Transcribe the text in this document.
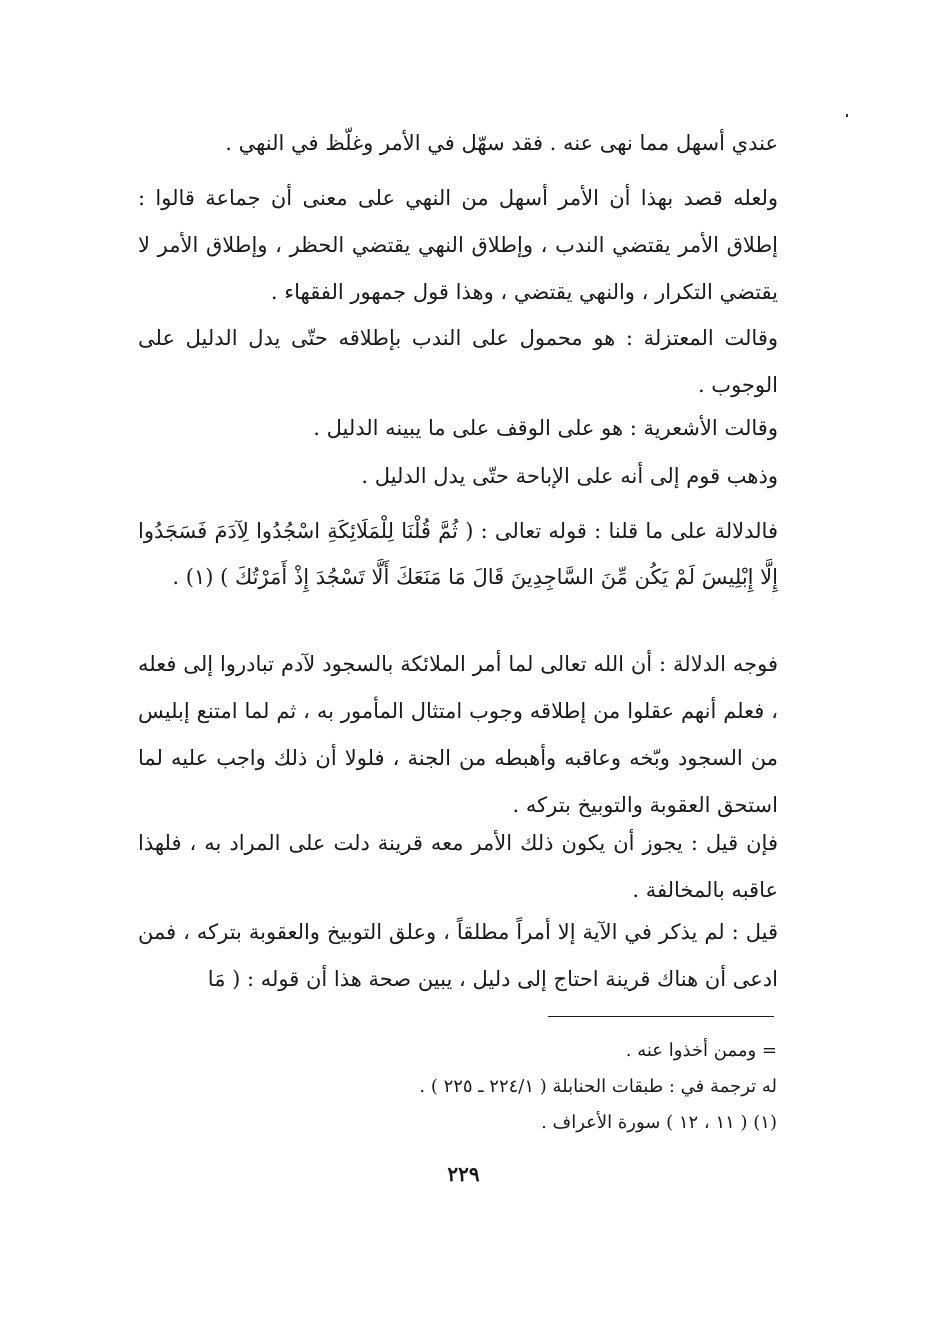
عندي أسهل مما نهى عنه . فقد سهّل في الأمر وغلّظ في النهي .

ولعله قصد بهذا أن الأمر أسهل من النهي على معنى أن جماعة قالوا : إطلاق الأمر يقتضي الندب ، وإطلاق النهي يقتضي الحظر ، وإطلاق الأمر لا يقتضي التكرار ، والنهي يقتضي ، وهذا قول جمهور الفقهاء .

وقالت المعتزلة : هو محمول على الندب بإطلاقه حتّى يدل الدليل على الوجوب .

وقالت الأشعرية : هو على الوقف على ما يبينه الدليل .

وذهب قوم إلى أنه على الإباحة حتّى يدل الدليل .

فالدلالة على ما قلنا : قوله تعالى : ( ثُمَّ قُلْنَا لِلْمَلَائِكَةِ اسْجُدُوا لِآدَمَ فَسَجَدُوا إِلَّا إِبْلِيسَ لَمْ يَكُن مِّنَ السَّاجِدِينَ قَالَ مَا مَنَعَكَ أَلَّا تَسْجُدَ إِذْ أَمَرْتُكَ ) (١) .

فوجه الدلالة : أن الله تعالى لما أمر الملائكة بالسجود لآدم تبادروا إلى فعله ، فعلم أنهم عقلوا من إطلاقه وجوب امتثال المأمور به ، ثم لما امتنع إبليس من السجود وبّخه وعاقبه وأهبطه من الجنة ، فلولا أن ذلك واجب عليه لما استحق العقوبة والتوبيخ بتركه .

فإن قيل : يجوز أن يكون ذلك الأمر معه قرينة دلت على المراد به ، فلهذا عاقبه بالمخالفة .

قيل : لم يذكر في الآية إلا أمراً مطلقاً ، وعلق التوبيخ والعقوبة بتركه ، فمن ادعى أن هناك قرينة احتاج إلى دليل ، يبين صحة هذا أن قوله : ( مَا

= وممن أخذوا عنه .

له ترجمة في : طبقات الحنابلة ( ٢٢٤/١ ـ ٢٢٥ ) .

(١) ( ١١ ، ١٢ ) سورة الأعراف .

٢٢٩
